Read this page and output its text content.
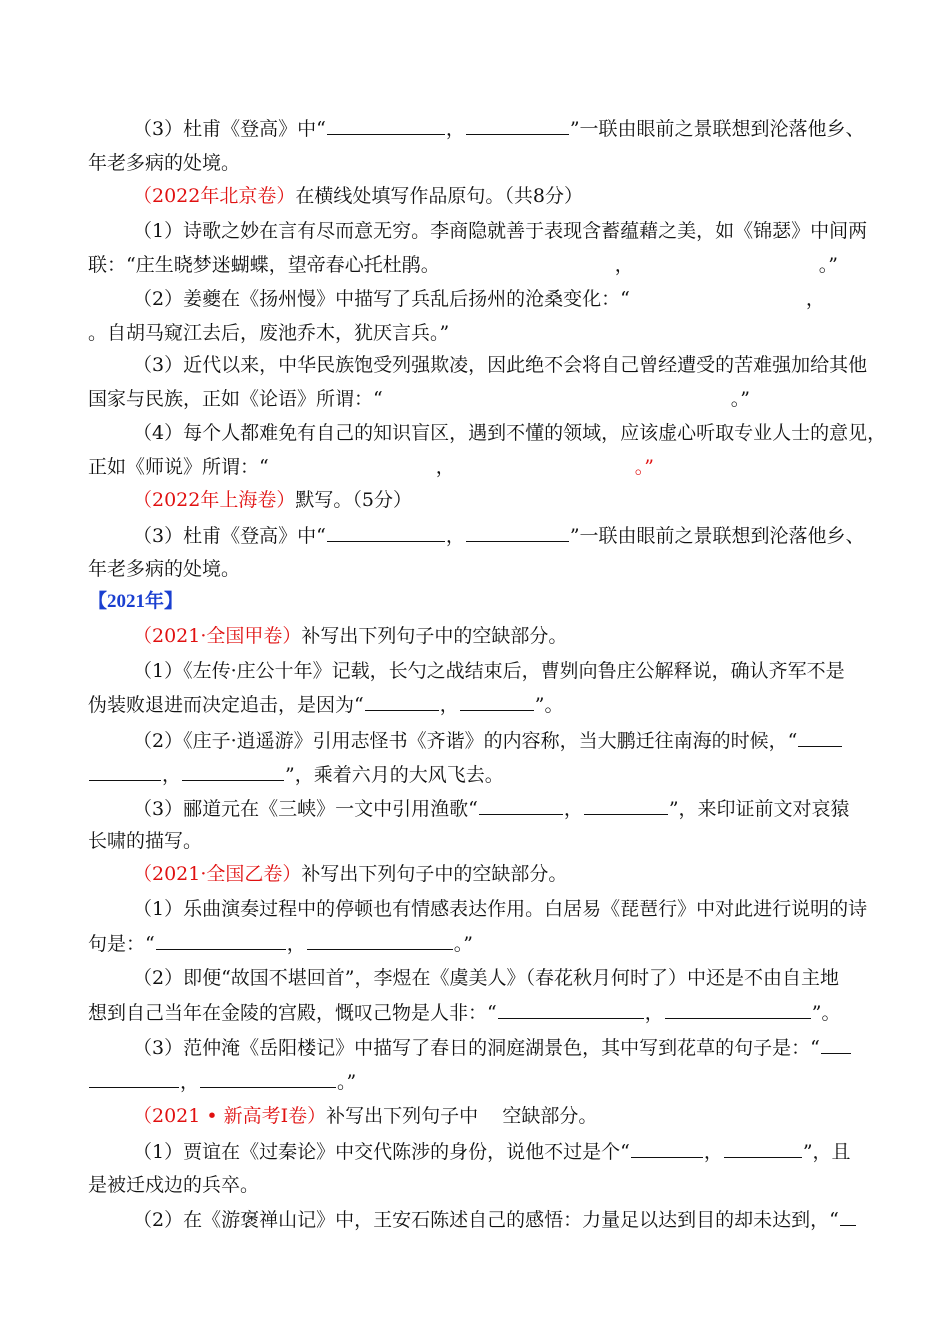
（3）杜甫《登高》中“	，	”一联由眼前之景联想到沦落他乡、
年老多病的处境。
（2022年北京卷）在横线处填写作品原句。（共8分）
（1）诗歌之妙在言有尽而意无穷。李商隐就善于表现含蓄蕴藉之美，如《锦瑟》中间两
联：“庄生晓梦迷蝴蝶，望帝春心托杜鹃。	，	。”
（2）姜夔在《扬州慢》中描写了兵乱后扬州的沧桑变化：“	，
。自胡马窥江去后，废池乔木，犹厌言兵。”
（3）近代以来，中华民族饱受列强欺凌，因此绝不会将自己曾经遭受的苦难强加给其他
国家与民族，正如《论语》所谓：“	。”
（4）每个人都难免有自己的知识盲区，遇到不懂的领域，应该虚心听取专业人士的意见，
正如《师说》所谓：“	，	。”
（2022年上海卷）默写。（5分）
（3）杜甫《登高》中“	，	”一联由眼前之景联想到沦落他乡、
年老多病的处境。
【2021年】
（2021·全国甲卷）补写出下列句子中的空缺部分。
（1）《左传·庄公十年》记载，长勺之战结束后，曹刿向鲁庄公解释说，确认齐军不是
伪装败退进而决定追击，是因为“	，	”。
（2）《庄子·逍遥游》引用志怪书《齐谐》的内容称，当大鹏迁往南海的时候，“
，	”，乘着六月的大风飞去。
（3）郦道元在《三峡》一文中引用渔歌“	，	”，来印证前文对哀猿
长啸的描写。
（2021·全国乙卷）补写出下列句子中的空缺部分。
（1）乐曲演奏过程中的停顿也有情感表达作用。白居易《琵琶行》中对此进行说明的诗
句是：“	，	。”
（2）即便“故国不堪回首”，李煜在《虞美人》（春花秋月何时了）中还是不由自主地
想到自己当年在金陵的宫殿，慨叹己物是人非：“	，	”。
（3）范仲淹《岳阳楼记》中描写了春日的洞庭湖景色，其中写到花草的句子是：“
，	。”
（2021 • 新高考Ⅰ卷）补写出下列句子中    空缺部分。
（1）贾谊在《过秦论》中交代陈涉的身份，说他不过是个“	，	”，且
是被迁戍边的兵卒。
（2）在《游褒禅山记》中，王安石陈述自己的感悟：力量足以达到目的却未达到，“
